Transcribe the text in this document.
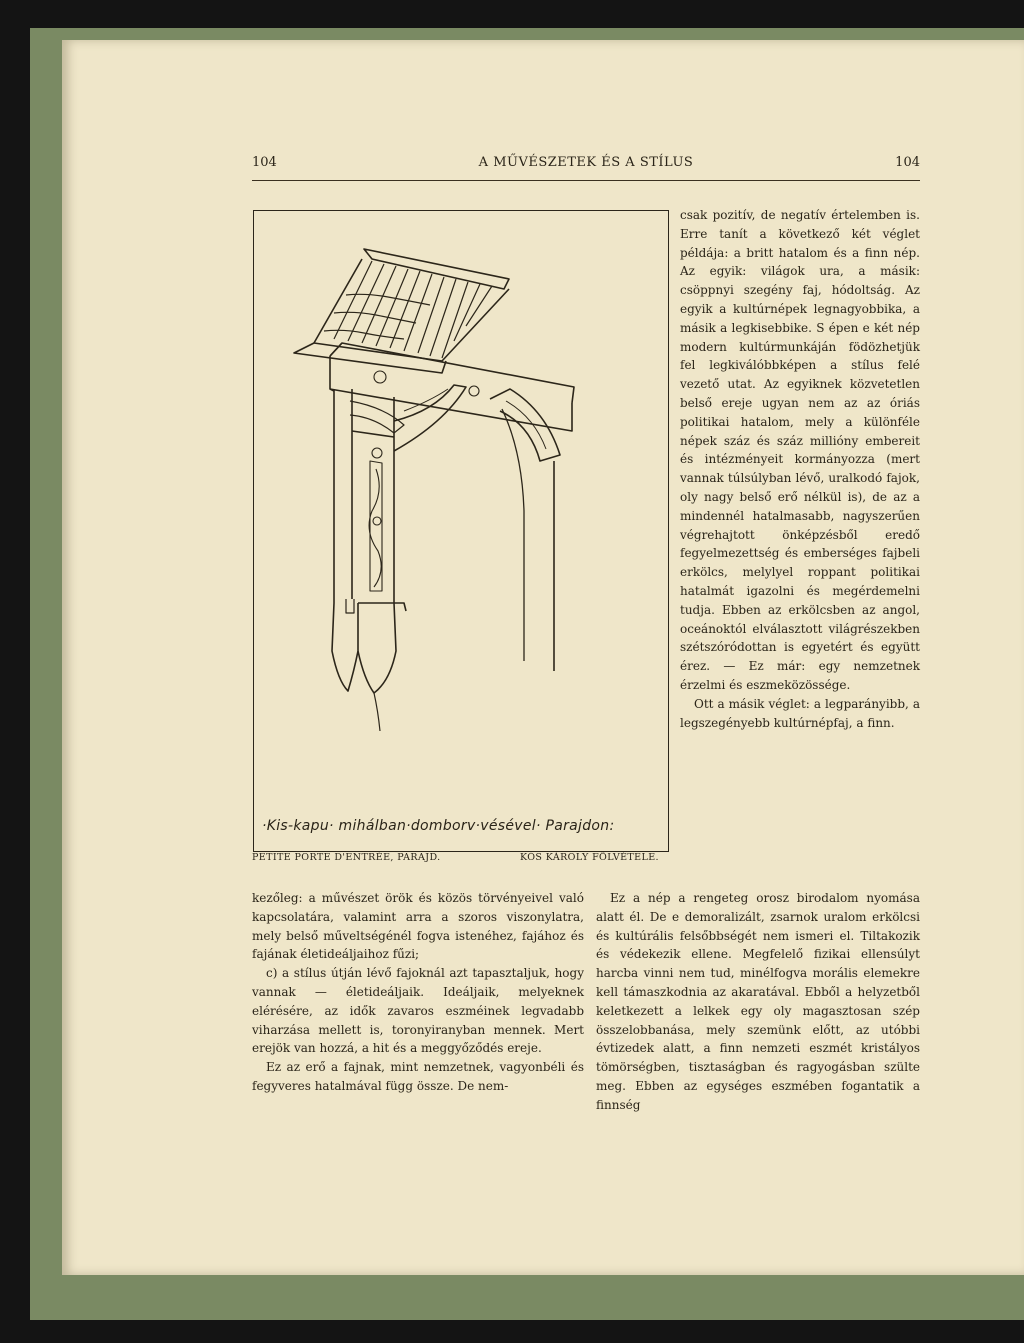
104	A MŰVÉSZETEK ÉS A STÍLUS	104
·Kis-kapu· mihálban·domborv·vésével· Parajdon:
PETITE PORTE D'ENTRÉE, PARAJD.	KÓS KÁROLY FÖLVÉTELE.

csak pozitív, de negatív értelemben is. Erre tanít a következő két véglet példája: a britt hatalom és a finn nép. Az egyik: világok ura, a másik: csöppnyi szegény faj, hódoltság. Az egyik a kultúrnépek legnagyobbika, a másik a legkisebbike. S épen e két nép modern kultúrmunkáján födözhetjük fel legkiválóbbképen a stílus felé vezető utat. Az egyiknek közvetetlen belső ereje ugyan nem az az óriás politikai hatalom, mely a különféle népek száz és száz millióny embereit és intézményeit kormányozza (mert vannak túlsúlyban lévő, uralkodó fajok, oly nagy belső erő nélkül is), de az a mindennél hatalmasabb, nagyszerűen végrehajtott önképzésből eredő fegyelmezettség és emberséges fajbeli erkölcs, melylyel roppant politikai hatalmát igazolni és megérdemelni tudja. Ebben az erkölcsben az angol, oceánoktól elválasztott világrészekben szétszóródottan is egyetért és együtt érez. — Ez már: egy nemzetnek érzelmi és eszmeközössége.

Ott a másik véglet: a legparányibb, a legszegényebb kultúrnépfaj, a finn.

kezőleg: a művészet örök és közös törvényeivel való kapcsolatára, valamint arra a szoros viszonylatra, mely belső műveltségénél fogva istenéhez, fajához és fajának életideáljaihoz fűzi;

c) a stílus útján lévő fajoknál azt tapasztaljuk, hogy vannak — életideáljaik. Ideáljaik, melyeknek elérésére, az idők zavaros eszméinek legvadabb viharzása mellett is, toronyiranyban mennek. Mert erejök van hozzá, a hit és a meggyőződés ereje.

Ez az erő a fajnak, mint nemzetnek, vagyonbéli és fegyveres hatalmával függ össze. De nem-

Ez a nép a rengeteg orosz birodalom nyomása alatt él. De e demoralizált, zsarnok uralom erkölcsi és kultúrális felsőbbségét nem ismeri el. Tiltakozik és védekezik ellene. Megfelelő fizikai ellensúlyt harcba vinni nem tud, minélfogva morális elemekre kell támaszkodnia az akaratával. Ebből a helyzetből keletkezett a lelkek egy oly magasztosan szép összelobbanása, mely szemünk előtt, az utóbbi évtizedek alatt, a finn nemzeti eszmét kristályos tömörségben, tisztaságban és ragyogásban szülte meg. Ebben az egységes eszmében fogantatik a finnség
